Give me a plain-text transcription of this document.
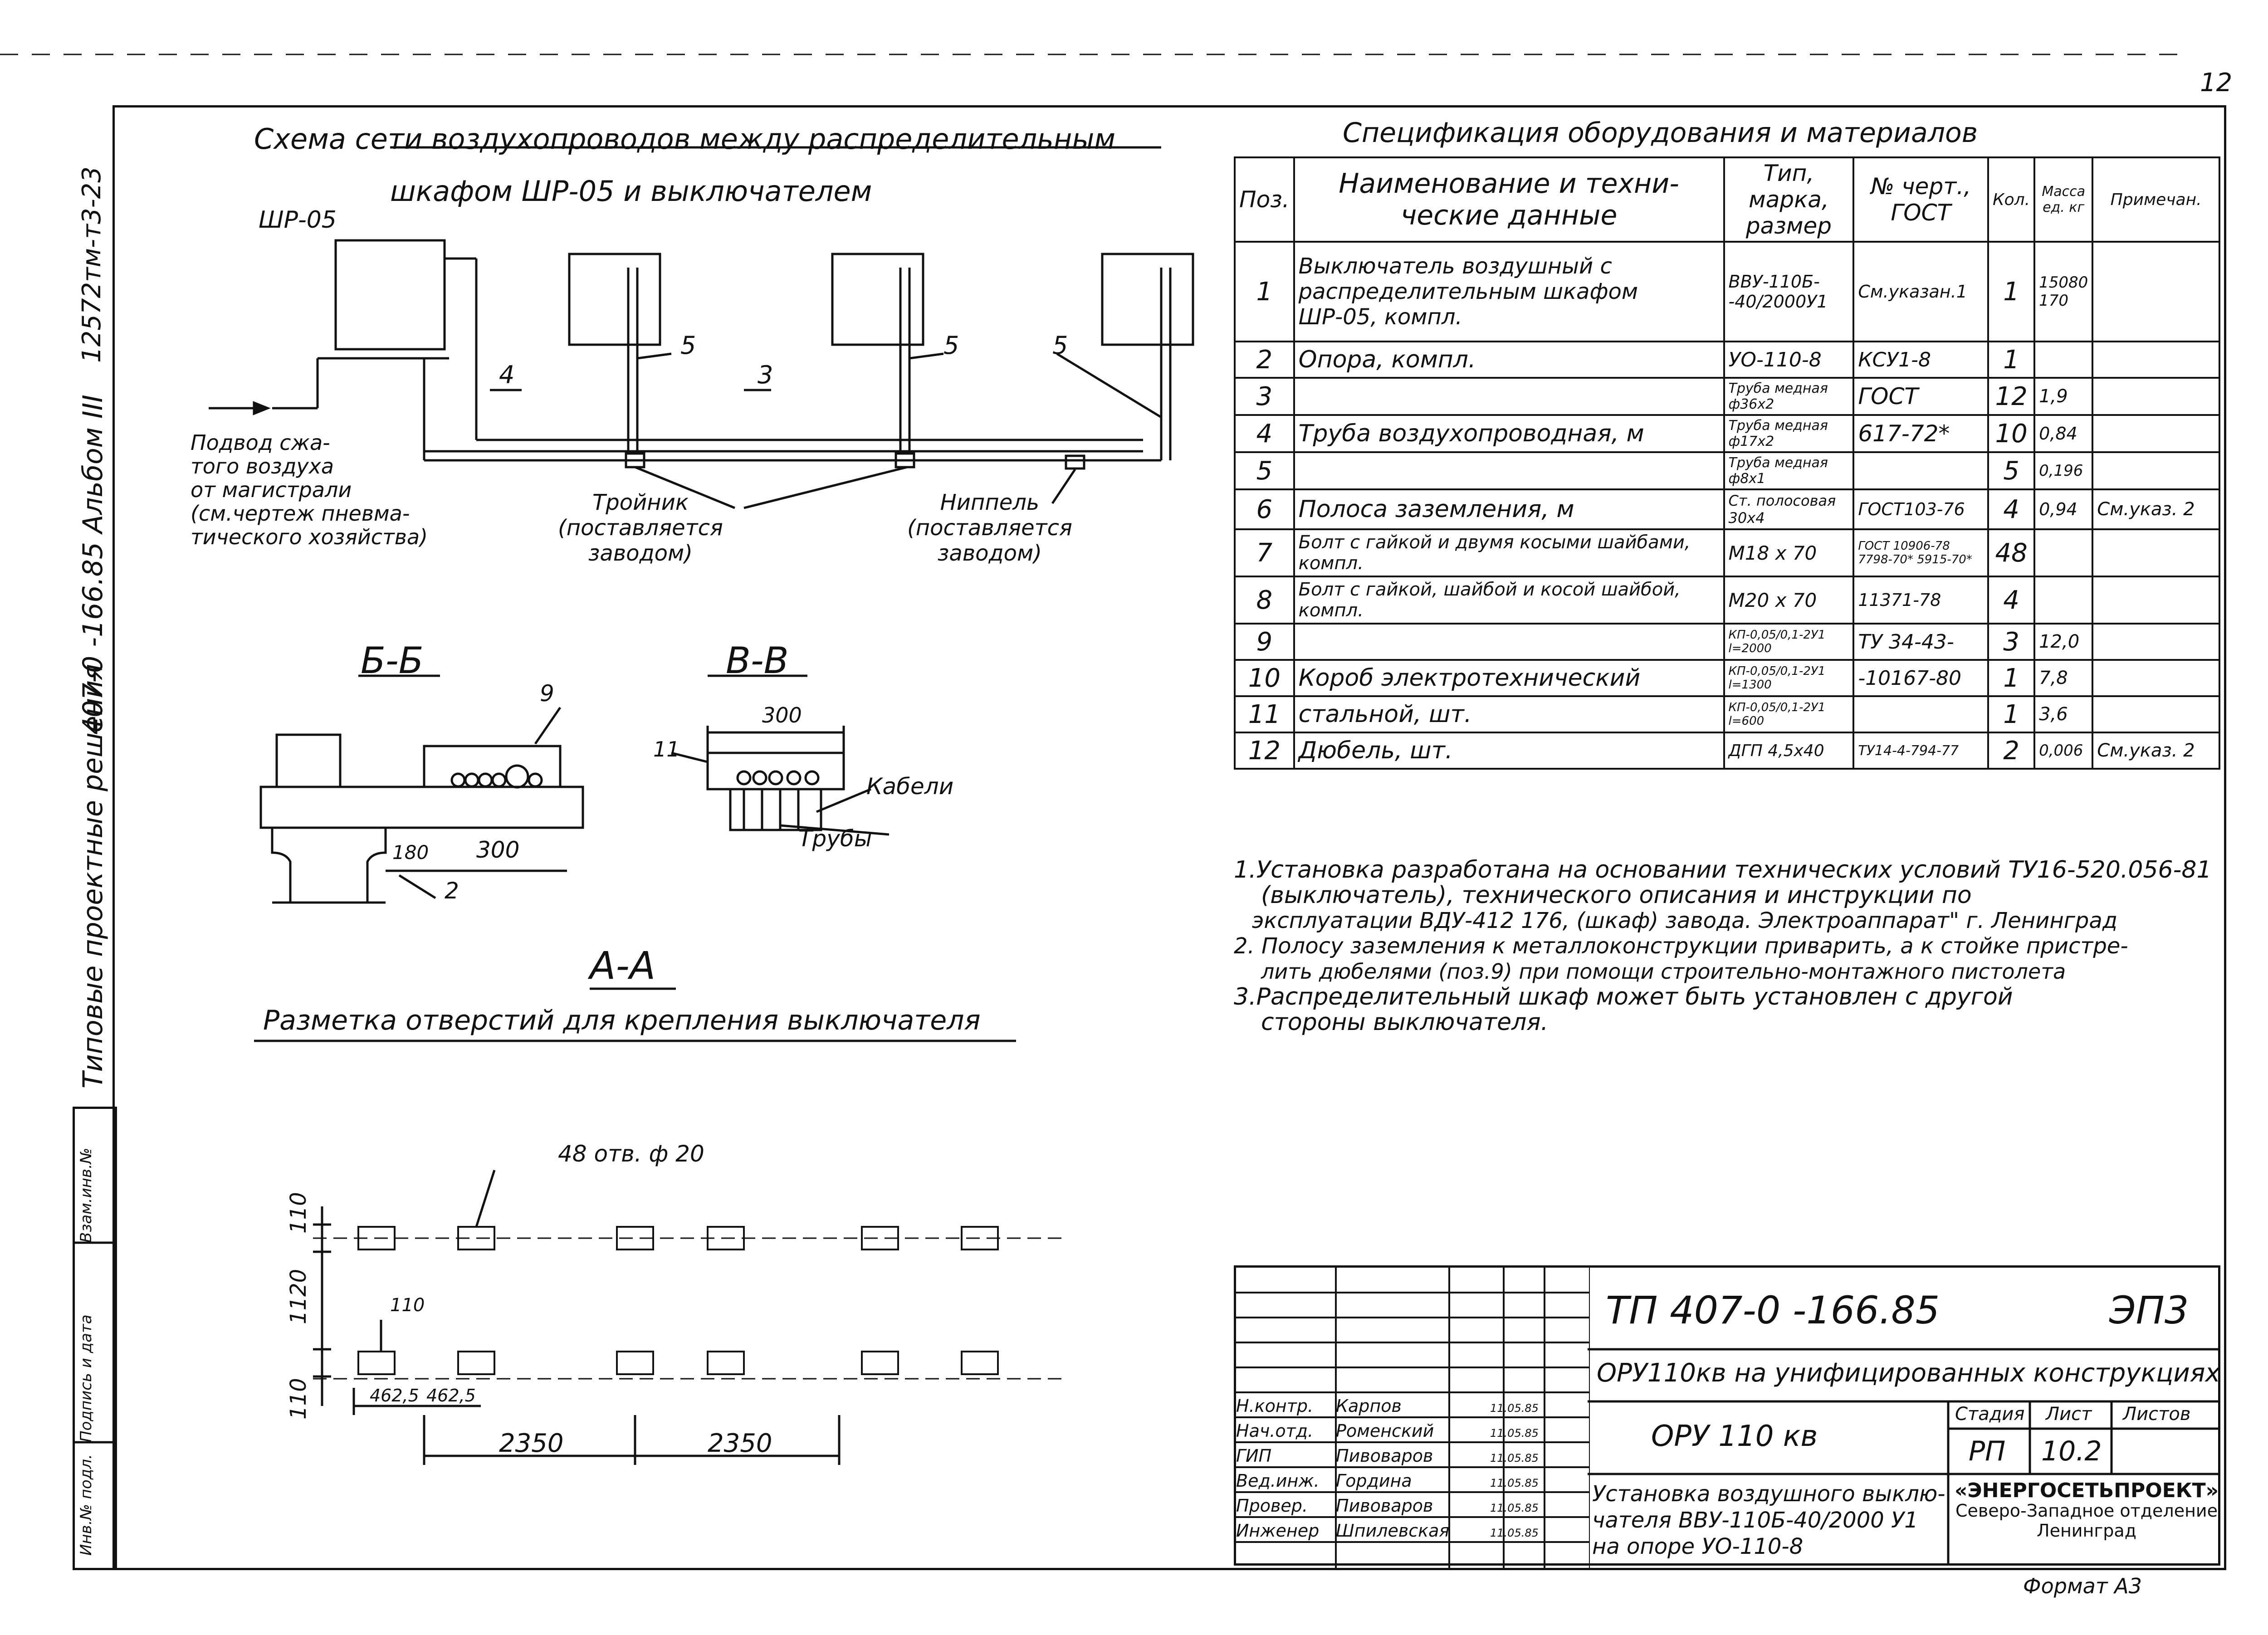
12
12572тм-т3-23
407-0 -166.85 Альбом III
Типовые проектные решения
Инв.№ подл.
Подпись и дата
Взам.инв.№
Схема сети воздухопроводов между распределительным
шкафом ШР-05 и выключателем
ШР-05
4
5
3
5	5
Подвод сжа-
того воздуха
от магистрали
(см.чертеж пневма-
тического хозяйства)
Тройник
(поставляется
заводом)
Ниппель
(поставляется
заводом)
Б-Б
9
2
180 300
В-В
300
11
Кабели
Трубы
А-А
Разметка отверстий для крепления выключателя
48 отв. ф 20
110
1120
110
110
462,5 462,5
2350	2350
Спецификация оборудования и материалов
Поз.	Наименование и техни- ческие данные	Тип, марка, размер	№ черт., ГОСТ	Кол.	Масса ед. кг	Примечан.
1	Выключатель воздушный с распределительным шкафом ШР-05, компл.	ВВУ-110Б- -40/2000У1	См.указан.1	1	15080 170	
2	Опора, компл.	УО-110-8	КСУ1-8	1		
3		Труба медная ф36х2	ГОСТ	12	1,9	
4	Труба воздухопроводная, м	Труба медная ф17х2	617-72*	10	0,84	
5		Труба медная ф8х1		5	0,196	
6	Полоса заземления, м	Ст. полосовая 30х4	ГОСТ103-76	4	0,94	См.указ. 2
7	Болт с гайкой и двумя косыми шайбами, компл.	М18 х 70	ГОСТ 10906-78 7798-70* 5915-70*	48		
8	Болт с гайкой, шайбой и косой шайбой, компл.	М20 х 70	11371-78	4		
9		КП-0,05/0,1-2У1 l=2000	ТУ 34-43-	3	12,0	
10	Короб электротехнический	КП-0,05/0,1-2У1 l=1300	-10167-80	1	7,8	
11	стальной, шт.	КП-0,05/0,1-2У1 l=600		1	3,6	
12	Дюбель, шт.	ДГП 4,5х40	ТУ14-4-794-77	2	0,006	См.указ. 2
1.Установка разработана на основании технических условий ТУ16-520.056-81
(выключатель), технического описания и инструкции по
эксплуатации ВДУ-412 176, (шкаф) завода. Электроаппарат" г. Ленинград
2. Полосу заземления к металлоконструкции приварить, а к стойке пристре-
лить дюбелями (поз.9) при помощи строительно-монтажного пистолета
3.Распределительный шкаф может быть установлен с другой
стороны выключателя.
Н.контр. Карпов	11.05.85
Нач.отд. Роменский	11.05.85
ГИП	Пивоваров	11.05.85
Вед.инж. Гордина	11.05.85
Провер. Пивоваров	11.05.85
Инженер Шпилевская	11.05.85
ТП 407-0 -166.85	ЭП3
ОРУ110кв на унифицированных конструкциях
ОРУ 110 кв
Стадия Лист Листов
РП 10.2
Установка воздушного выклю-
чателя ВВУ-110Б-40/2000 У1
на опоре УО-110-8
«ЭНЕРГОСЕТЬПРОЕКТ»
Северо-Западное отделение
Ленинград
Формат А3
